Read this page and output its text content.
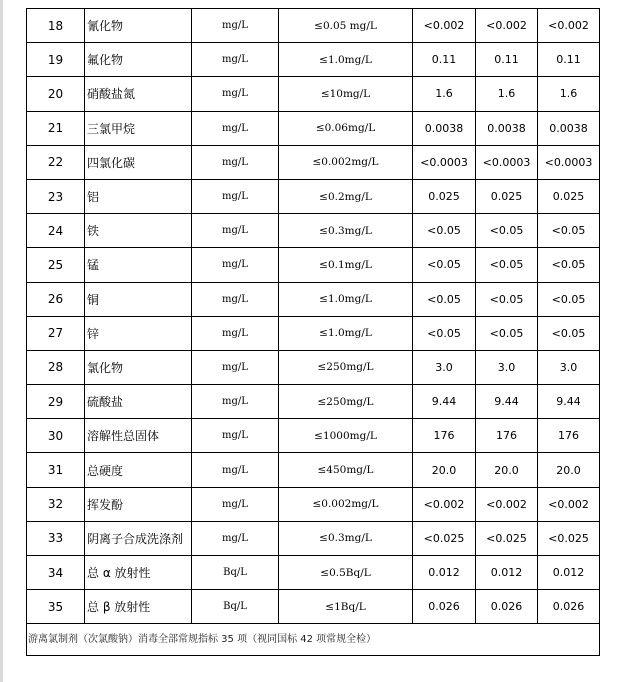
18	氰化物	mg/L	≤0.05 mg/L	<0.002	<0.002	<0.002
19	氟化物	mg/L	≤1.0mg/L	0.11	0.11	0.11
20	硝酸盐氮	mg/L	≤10mg/L	1.6	1.6	1.6
21	三氯甲烷	mg/L	≤0.06mg/L	0.0038	0.0038	0.0038
22	四氯化碳	mg/L	≤0.002mg/L	<0.0003	<0.0003	<0.0003
23	铝	mg/L	≤0.2mg/L	0.025	0.025	0.025
24	铁	mg/L	≤0.3mg/L	<0.05	<0.05	<0.05
25	锰	mg/L	≤0.1mg/L	<0.05	<0.05	<0.05
26	铜	mg/L	≤1.0mg/L	<0.05	<0.05	<0.05
27	锌	mg/L	≤1.0mg/L	<0.05	<0.05	<0.05
28	氯化物	mg/L	≤250mg/L	3.0	3.0	3.0
29	硫酸盐	mg/L	≤250mg/L	9.44	9.44	9.44
30	溶解性总固体	mg/L	≤1000mg/L	176	176	176
31	总硬度	mg/L	≤450mg/L	20.0	20.0	20.0
32	挥发酚	mg/L	≤0.002mg/L	<0.002	<0.002	<0.002
33	阴离子合成洗涤剂	mg/L	≤0.3mg/L	<0.025	<0.025	<0.025
34	总 α 放射性	Bq/L	≤0.5Bq/L	0.012	0.012	0.012
35	总 β 放射性	Bq/L	≤1Bq/L	0.026	0.026	0.026
游离氯制剂（次氯酸钠）消毒全部常规指标 35 项（视同国标 42 项常规全检）
